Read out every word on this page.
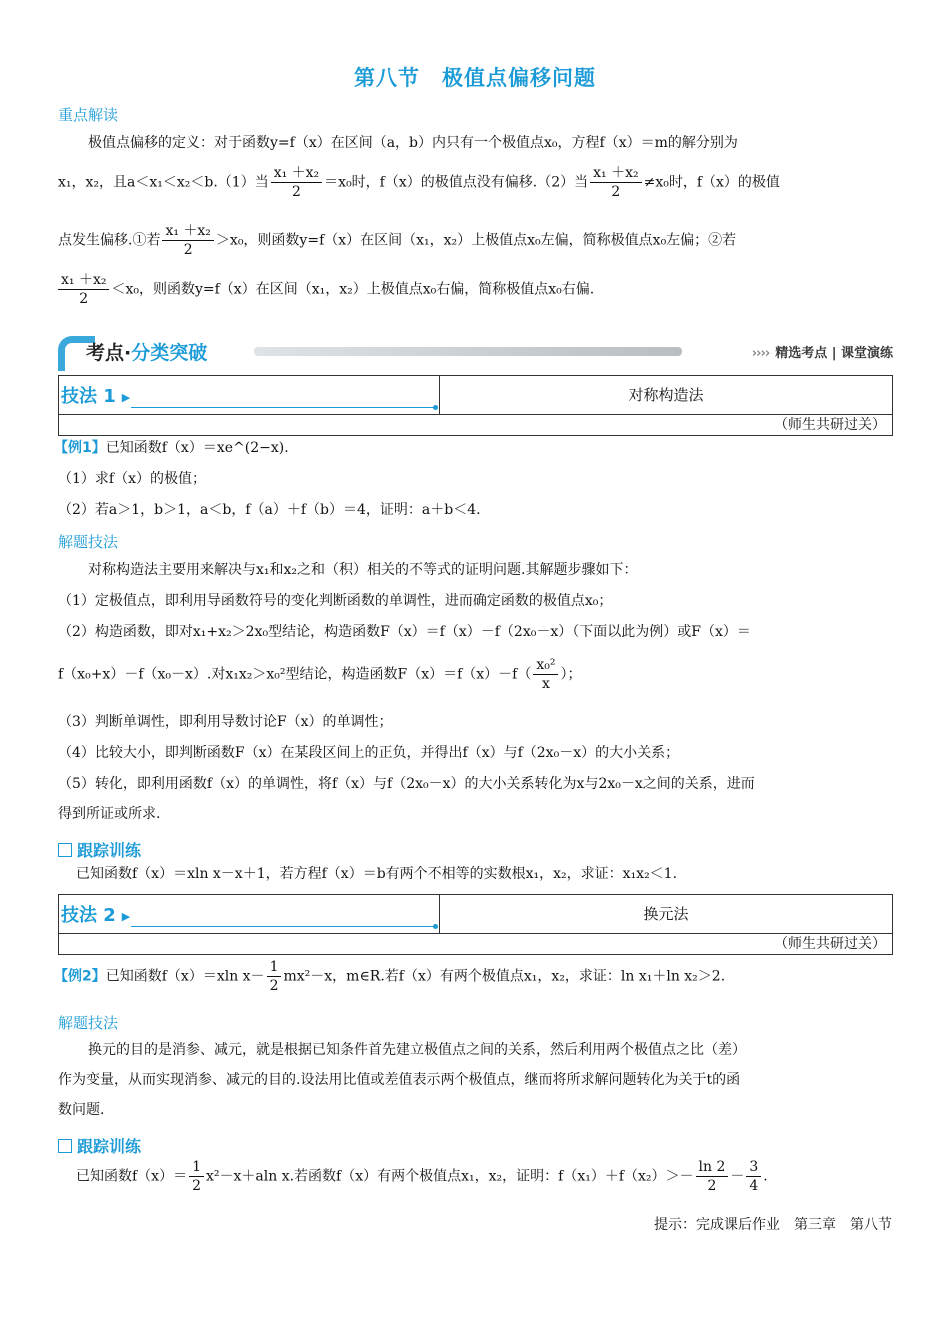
第八节　极值点偏移问题
重点解读
极值点偏移的定义：对于函数y=f（x）在区间（a，b）内只有一个极值点x₀，方程f（x）＝m的解分别为
x₁，x₂，且a＜x₁＜x₂＜b.（1）当 $\frac{\text{x₁ ＋x₂}}{2} =x_0$时，f（x）的极值点没有偏移.（2）当 $\frac{\text{x₁ ＋x₂}}{2} \ne x_0$时，f（x）的极值
点发生偏移.①若 $\frac{\text{x₁ ＋x₂}}{2} >x_0$，则函数y=f（x）在区间（x₁，x₂）上极值点x₀左偏，简称极值点x₀左偏；②若
$\frac{\text{x₁ ＋x₂}}{2} <x_0$，则函数y=f（x）在区间（x₁，x₂）上极值点x₀右偏，简称极值点x₀右偏.
考点·分类突破	›››› 精选考点 | 课堂演练
技法 1 ▶	对称构造法
（师生共研过关）
【例1】已知函数f（x）＝xe^(2−x).
（1）求f（x）的极值；
（2）若a＞1，b＞1，a＜b，f（a）＋f（b）＝4，证明：a＋b＜4.
解题技法
对称构造法主要用来解决与x₁和x₂之和（积）相关的不等式的证明问题.其解题步骤如下：
（1）定极值点，即利用导函数符号的变化判断函数的单调性，进而确定函数的极值点x₀；
（2）构造函数，即对x₁+x₂＞2x₀型结论，构造函数F（x）＝f（x）－f（2x₀－x）（下面以此为例）或F（x）＝
f（x₀+x）－f（x₀－x）.对x₁x₂＞x₀²型结论，构造函数$F(x)=f(x)-f( \frac{\text{x₀²}}{x}$ ）；
（3）判断单调性，即利用导数讨论F（x）的单调性；
（4）比较大小，即判断函数F（x）在某段区间上的正负，并得出f（x）与f（2x₀－x）的大小关系；
（5）转化，即利用函数f（x）的单调性，将f（x）与f（2x₀－x）的大小关系转化为x与2x₀－x之间的关系，进而
得到所证或所求.
跟踪训练
已知函数f（x）＝xln x－x＋1，若方程f（x）＝b有两个不相等的实数根x₁，x₂，求证：x₁x₂＜1.
技法 2 ▶	换元法
（师生共研过关）
【例2】已知函数f（x）＝xln $x- \frac{1}{2} mx^2-x$，m∈R.若f（x）有两个极值点x₁，x₂，求证：ln x₁＋ln x₂＞2.
解题技法
换元的目的是消参、减元，就是根据已知条件首先建立极值点之间的关系，然后利用两个极值点之比（差）
作为变量，从而实现消参、减元的目的.设法用比值或差值表示两个极值点，继而将所求解问题转化为关于t的函
数问题.
跟踪训练
已知函数$f(x)= \frac{1}{2} x^2-x+aln$ x.若函数f（x）有两个极值点x₁，x₂，证明：$f(x_1)+f(x_2)>- \frac{\ln 2}{2} - \frac{3}{4}$ .
提示：完成课后作业　第三章　第八节
